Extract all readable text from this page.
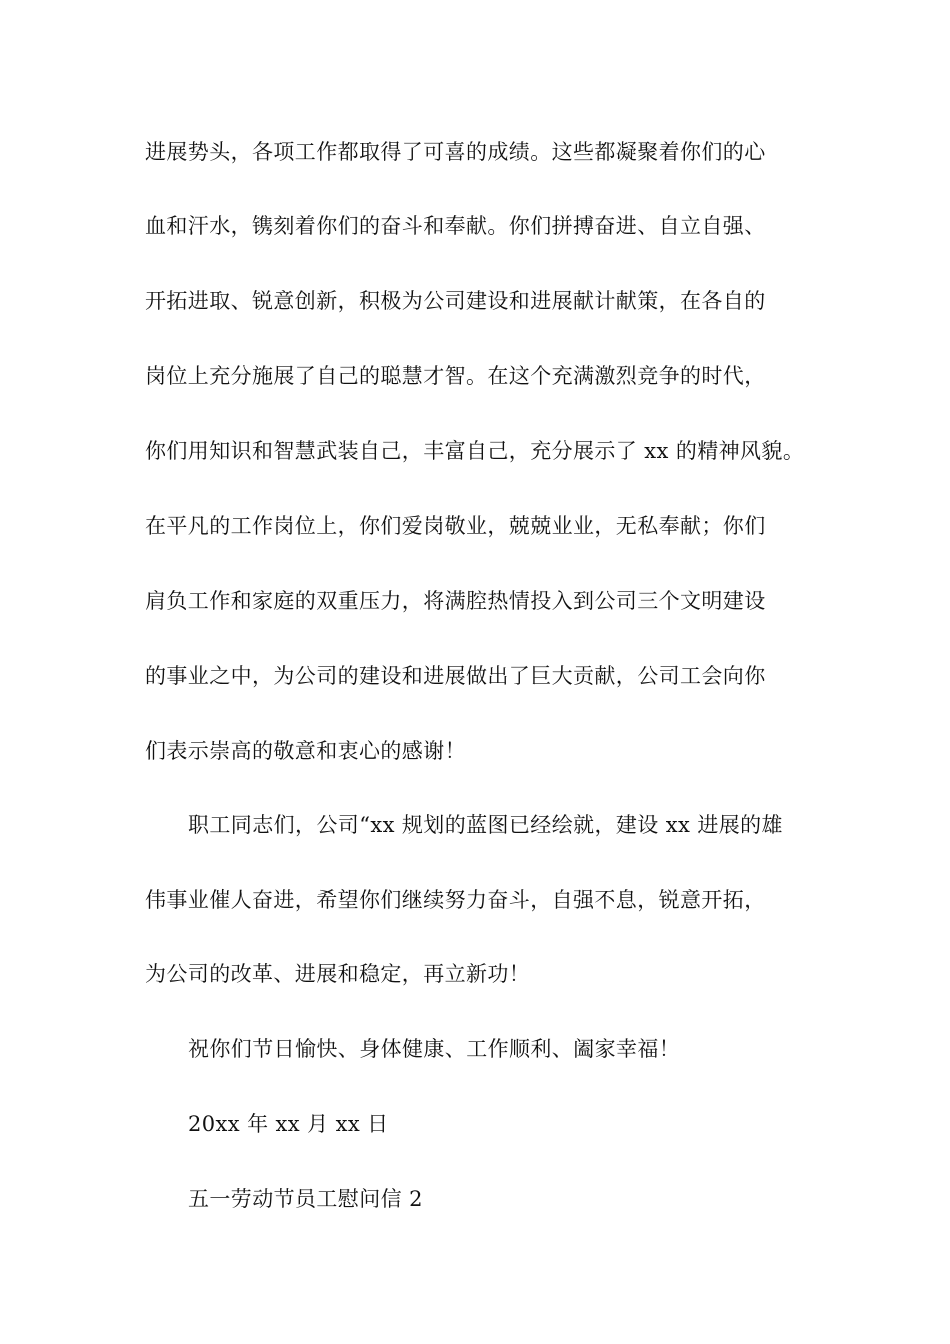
进展势头，各项工作都取得了可喜的成绩。这些都凝聚着你们的心
血和汗水，镌刻着你们的奋斗和奉献。你们拼搏奋进、自立自强、
开拓进取、锐意创新，积极为公司建设和进展献计献策，在各自的
岗位上充分施展了自己的聪慧才智。在这个充满激烈竞争的时代，
你们用知识和智慧武装自己，丰富自己，充分展示了 xx 的精神风貌。
在平凡的工作岗位上，你们爱岗敬业，兢兢业业，无私奉献；你们
肩负工作和家庭的双重压力，将满腔热情投入到公司三个文明建设
的事业之中，为公司的建设和进展做出了巨大贡献，公司工会向你
们表示崇高的敬意和衷心的感谢！
职工同志们，公司“xx 规划的蓝图已经绘就，建设 xx 进展的雄
伟事业催人奋进，希望你们继续努力奋斗，自强不息，锐意开拓，
为公司的改革、进展和稳定，再立新功！
祝你们节日愉快、身体健康、工作顺利、阖家幸福！
20xx 年 xx 月 xx 日
五一劳动节员工慰问信 2
